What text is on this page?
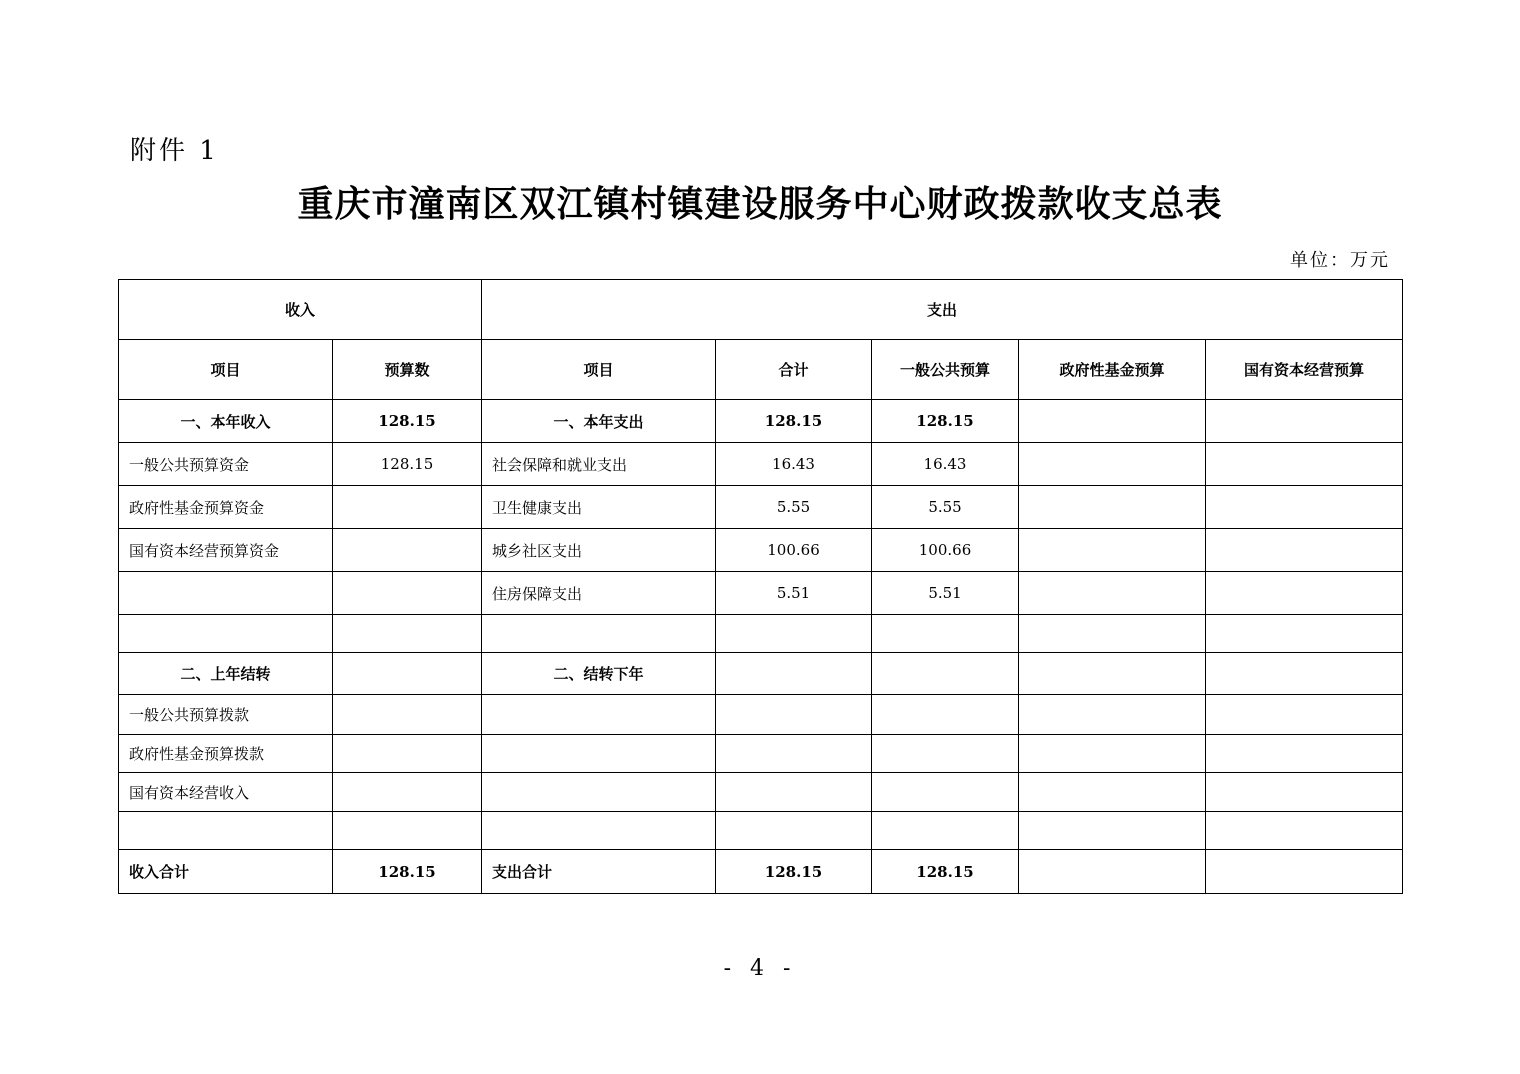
附件 1
重庆市潼南区双江镇村镇建设服务中心财政拨款收支总表
单位：万元
收入		支出				
项目	预算数	项目	合计	一般公共预算	政府性基金预算	国有资本经营预算
一、本年收入	128.15	一、本年支出	128.15	128.15		
一般公共预算资金	128.15	社会保障和就业支出	16.43	16.43		
政府性基金预算资金		卫生健康支出	5.55	5.55		
国有资本经营预算资金		城乡社区支出	100.66	100.66		
		住房保障支出	5.51	5.51		

二、上年结转		二、结转下年				
一般公共预算拨款						
政府性基金预算拨款						
国有资本经营收入						

收入合计	128.15	支出合计	128.15	128.15		
- 4 -
